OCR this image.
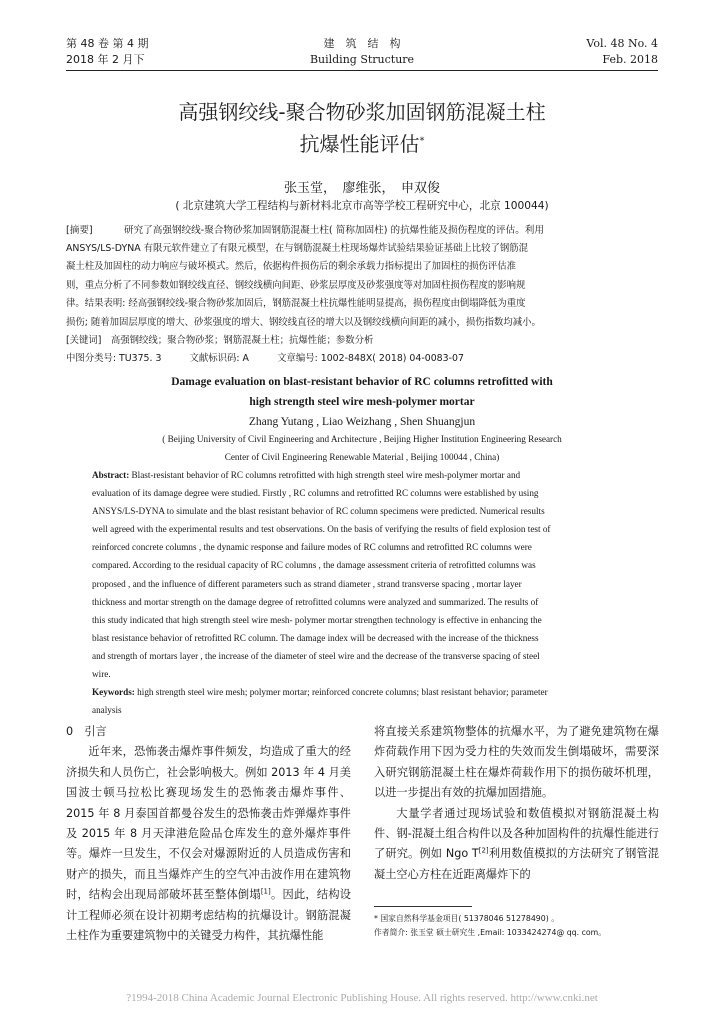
第 48 卷 第 4 期
2018 年 2 月下
建　筑　结　构
Building Structure
Vol. 48 No. 4
Feb. 2018
高强钢绞线-聚合物砂浆加固钢筋混凝土柱
抗爆性能评估*
张玉堂，　廖维张，　申双俊
( 北京建筑大学工程结构与新材料北京市高等学校工程研究中心，北京 100044)
[摘要]	研究了高强钢绞线-聚合物砂浆加固钢筋混凝土柱( 简称加固柱) 的抗爆性能及损伤程度的评估。利用
ANSYS/LS-DYNA 有限元软件建立了有限元模型，在与钢筋混凝土柱现场爆炸试验结果验证基础上比较了钢筋混
凝土柱及加固柱的动力响应与破坏模式。然后，依据构件损伤后的剩余承载力指标提出了加固柱的损伤评估准
则，重点分析了不同参数如钢绞线直径、钢绞线横向间距、砂浆层厚度及砂浆强度等对加固柱损伤程度的影响规
律。结果表明: 经高强钢绞线-聚合物砂浆加固后，钢筋混凝土柱抗爆性能明显提高，损伤程度由倒塌降低为重度
损伤; 随着加固层厚度的增大、砂浆强度的增大、钢绞线直径的增大以及钢绞线横向间距的减小，损伤指数均减小。
[关键词]　 高强钢绞线；聚合物砂浆；钢筋混凝土柱；抗爆性能；参数分析
中图分类号: TU375. 3　　　文献标识码: A　　　文章编号: 1002-848X( 2018) 04-0083-07
Damage evaluation on blast-resistant behavior of RC columns retrofitted with
high strength steel wire mesh-polymer mortar
Zhang Yutang , Liao Weizhang , Shen Shuangjun
( Beijing University of Civil Engineering and Architecture , Beijing Higher Institution Engineering Research
Center of Civil Engineering Renewable Material , Beijing 100044 , China)
Abstract: Blast-resistant behavior of RC columns retrofitted with high strength steel wire mesh-polymer mortar and
evaluation of its damage degree were studied. Firstly , RC columns and retrofitted RC columns were established by using
ANSYS/LS-DYNA to simulate and the blast resistant behavior of RC column specimens were predicted. Numerical results
well agreed with the experimental results and test observations. On the basis of verifying the results of field explosion test of
reinforced concrete columns , the dynamic response and failure modes of RC columns and retrofitted RC columns were
compared. According to the residual capacity of RC columns , the damage assessment criteria of retrofitted columns was
proposed , and the influence of different parameters such as strand diameter , strand transverse spacing , mortar layer
thickness and mortar strength on the damage degree of retrofitted columns were analyzed and summarized. The results of
this study indicated that high strength steel wire mesh- polymer mortar strengthen technology is effective in enhancing the
blast resistance behavior of retrofitted RC column. The damage index will be decreased with the increase of the thickness
and strength of mortars layer , the increase of the diameter of steel wire and the decrease of the transverse spacing of steel
wire.
Keywords: high strength steel wire mesh; polymer mortar; reinforced concrete columns; blast resistant behavior; parameter
analysis
0　 引言
近年来，恐怖袭击爆炸事件频发，均造成了重大的经济损失和人员伤亡，社会影响极大。例如 2013 年 4 月美国波士顿马拉松比赛现场发生的恐怖袭击爆炸事件、2015 年 8 月泰国首都曼谷发生的恐怖袭击炸弹爆炸事件及 2015 年 8 月天津港危险品仓库发生的意外爆炸事件等。爆炸一旦发生，不仅会对爆源附近的人员造成伤害和财产的损失，而且当爆炸产生的空气冲击波作用在建筑物时，结构会出现局部破坏甚至整体倒塌[1]。因此，结构设计工程师必须在设计初期考虑结构的抗爆设计。钢筋混凝土柱作为重要建筑物中的关键受力构件，其抗爆性能
将直接关系建筑物整体的抗爆水平，为了避免建筑物在爆炸荷载作用下因为受力柱的失效而发生倒塌破坏，需要深入研究钢筋混凝土柱在爆炸荷载作用下的损伤破坏机理，以进一步提出有效的抗爆加固措施。
大量学者通过现场试验和数值模拟对钢筋混凝土构件、钢-混凝土组合构件以及各种加固构件的抗爆性能进行了研究。例如 Ngo T[2]利用数值模拟的方法研究了钢管混凝土空心方柱在近距离爆炸下的
* 国家自然科学基金项目( 51378046 51278490) 。
作者简介: 张玉堂 硕士研究生 ,Email: 1033424274@ qq. com。
?1994-2018 China Academic Journal Electronic Publishing House. All rights reserved. http://www.cnki.net
